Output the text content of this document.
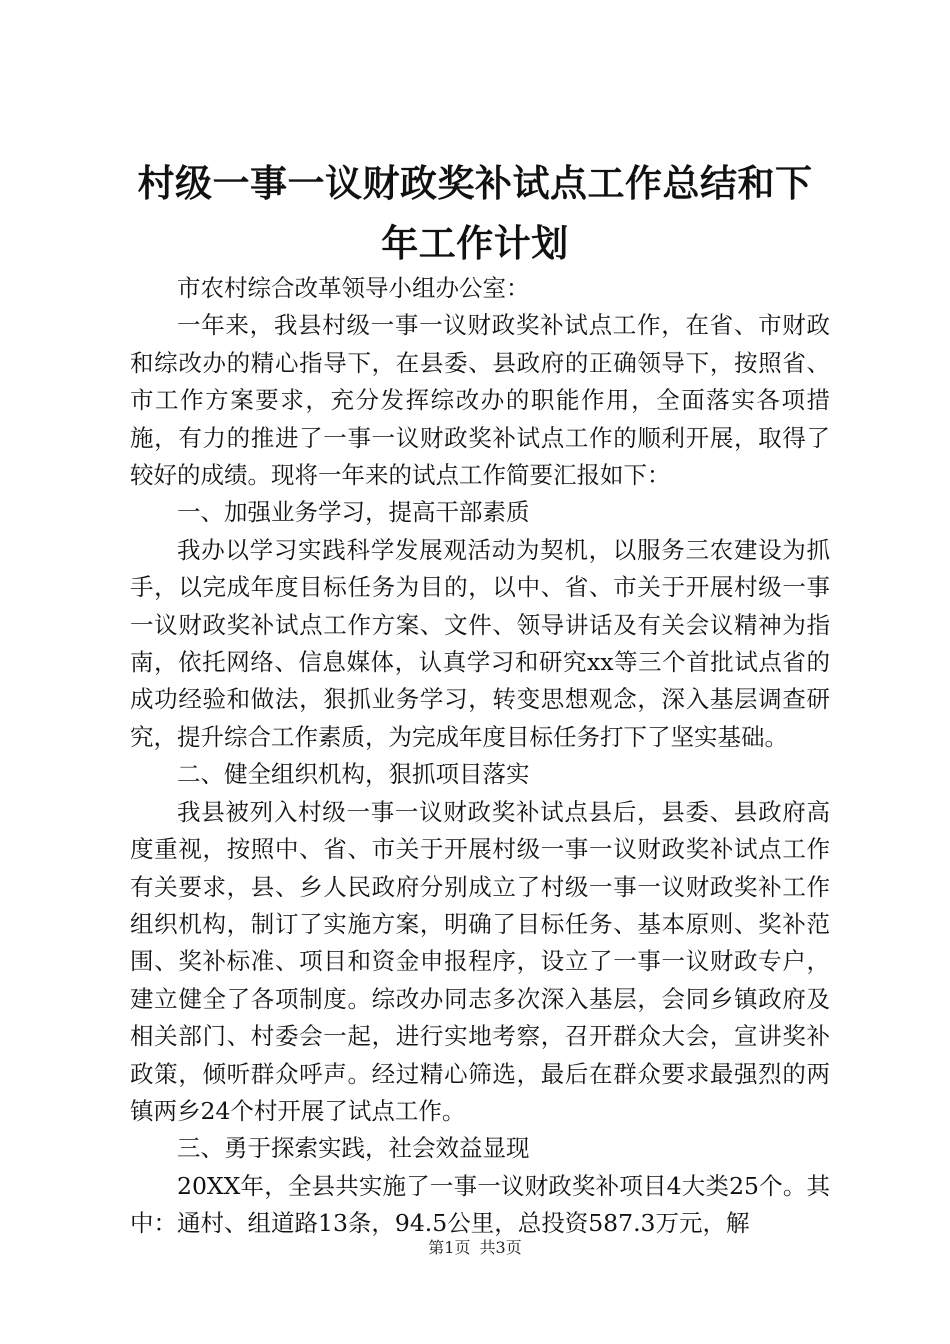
村级一事一议财政奖补试点工作总结和下年工作计划

市农村综合改革领导小组办公室：

一年来，我县村级一事一议财政奖补试点工作，在省、市财政和综改办的精心指导下，在县委、县政府的正确领导下，按照省、市工作方案要求，充分发挥综改办的职能作用，全面落实各项措施，有力的推进了一事一议财政奖补试点工作的顺利开展，取得了较好的成绩。现将一年来的试点工作简要汇报如下：

一、加强业务学习，提高干部素质

我办以学习实践科学发展观活动为契机，以服务三农建设为抓手，以完成年度目标任务为目的，以中、省、市关于开展村级一事一议财政奖补试点工作方案、文件、领导讲话及有关会议精神为指南，依托网络、信息媒体，认真学习和研究xx等三个首批试点省的成功经验和做法，狠抓业务学习，转变思想观念，深入基层调查研究，提升综合工作素质，为完成年度目标任务打下了坚实基础。

二、健全组织机构，狠抓项目落实

我县被列入村级一事一议财政奖补试点县后，县委、县政府高度重视，按照中、省、市关于开展村级一事一议财政奖补试点工作有关要求，县、乡人民政府分别成立了村级一事一议财政奖补工作组织机构，制订了实施方案，明确了目标任务、基本原则、奖补范围、奖补标准、项目和资金申报程序，设立了一事一议财政专户，建立健全了各项制度。综改办同志多次深入基层，会同乡镇政府及相关部门、村委会一起，进行实地考察，召开群众大会，宣讲奖补政策，倾听群众呼声。经过精心筛选，最后在群众要求最强烈的两镇两乡24个村开展了试点工作。

三、勇于探索实践，社会效益显现

20XX年，全县共实施了一事一议财政奖补项目4大类25个。其中：通村、组道路13条，94.5公里，总投资587.3万元，解

第1页 共3页
